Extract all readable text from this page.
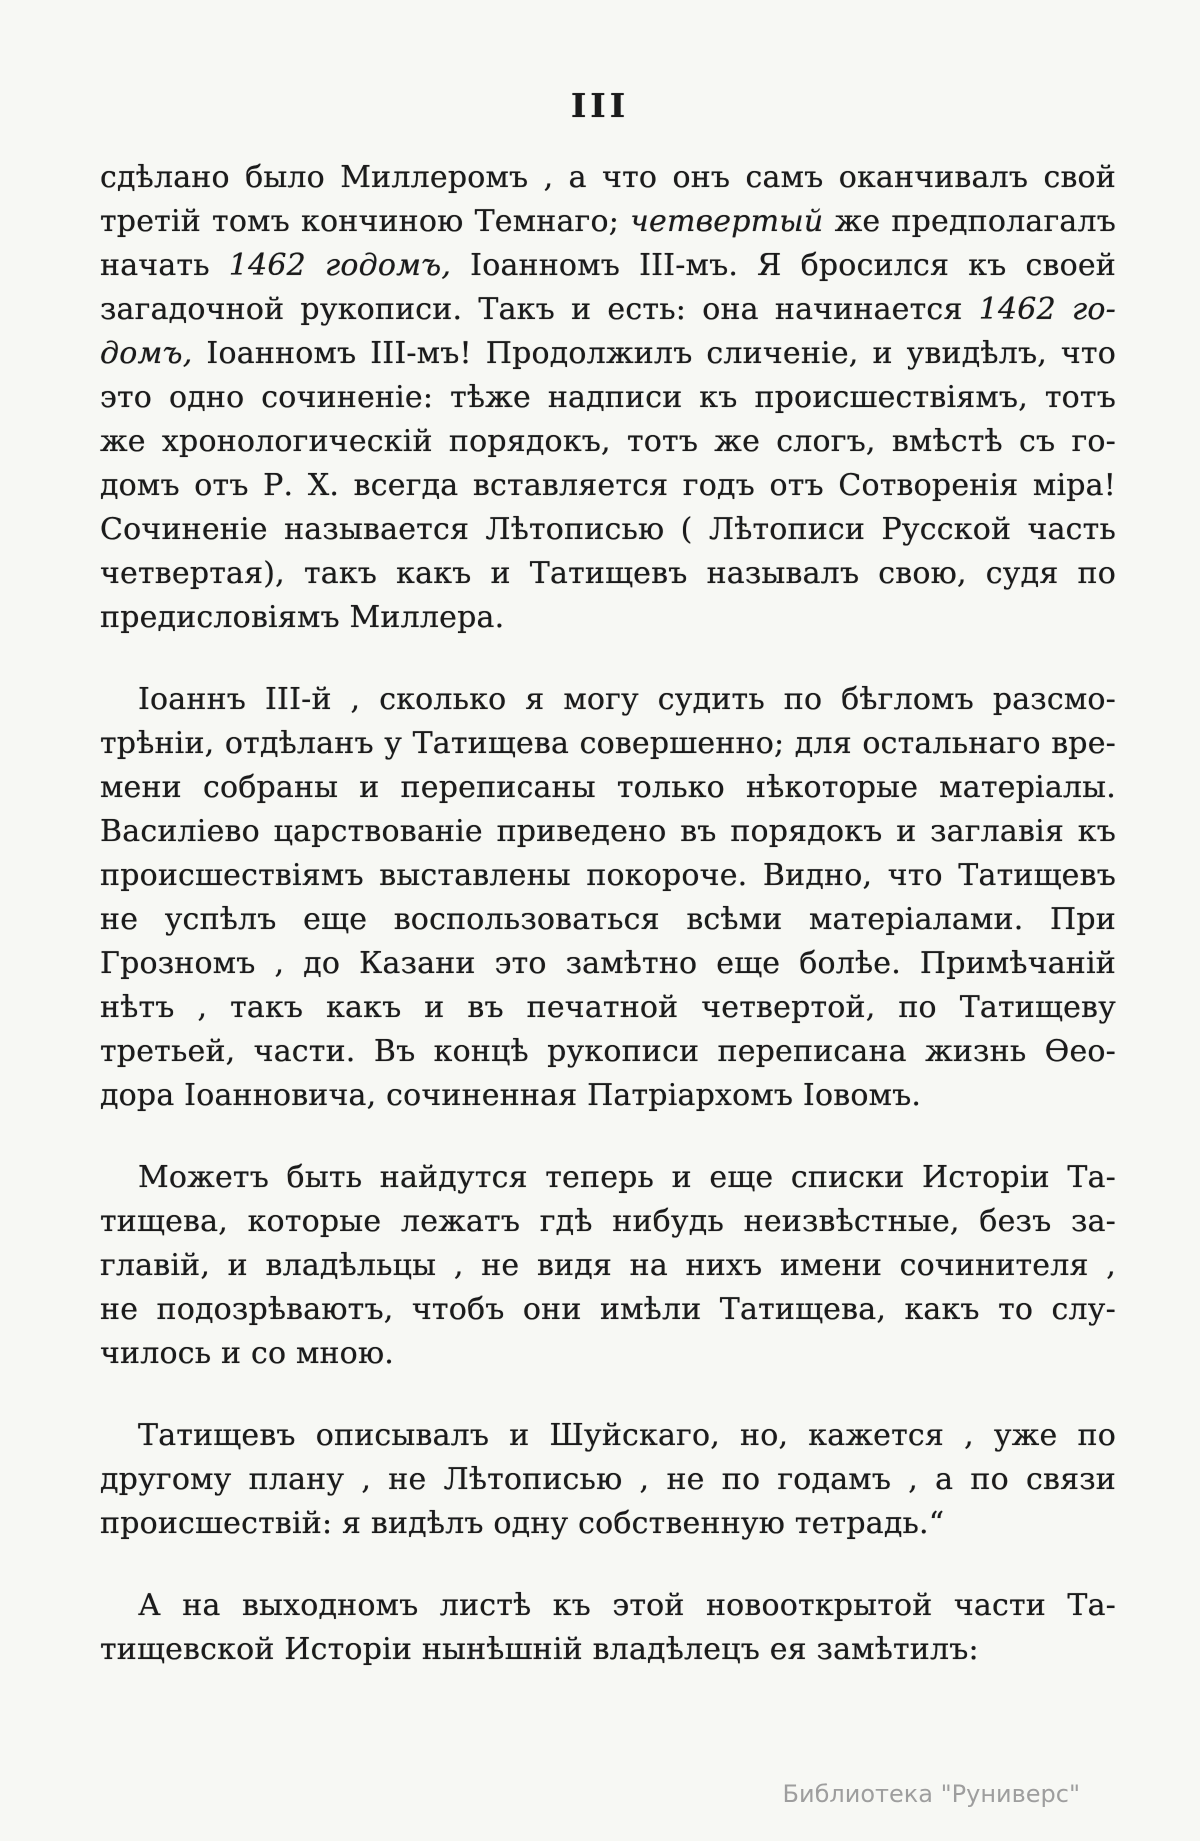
III
сдѣлано было Миллеромъ , а что онъ самъ оканчивалъ свой
третій томъ кончиною Темнаго; четвертый же предполагалъ
начать 1462 годомъ, Іоанномъ III-мъ. Я бросился къ своей
загадочной рукописи. Такъ и есть: она начинается 1462 го-
домъ, Іоанномъ III-мъ! Продолжилъ сличеніе, и увидѣлъ, что
это одно сочиненіе: тѣже надписи къ происшествіямъ, тотъ
же хронологическій порядокъ, тотъ же слогъ, вмѣстѣ съ го-
домъ отъ Р. Х. всегда вставляется годъ отъ Сотворенія міра!
Сочиненіе называется Лѣтописью ( Лѣтописи Русской часть
четвертая), такъ какъ и Татищевъ называлъ свою, судя по
предисловіямъ Миллера.
Іоаннъ III-й , сколько я могу судить по бѣгломъ разсмо-
трѣніи, отдѣланъ у Татищева совершенно; для остальнаго вре-
мени собраны и переписаны только нѣкоторые матеріалы.
Василіево царствованіе приведено въ порядокъ и заглавія къ
происшествіямъ выставлены покороче. Видно, что Татищевъ
не успѣлъ еще воспользоваться всѣми матеріалами. При
Грозномъ , до Казани это замѣтно еще болѣе. Примѣчаній
нѣтъ , такъ какъ и въ печатной четвертой, по Татищеву
третьей, части. Въ концѣ рукописи переписана жизнь Ѳео-
дора Іоанновича, сочиненная Патріархомъ Іовомъ.
Можетъ быть найдутся теперь и еще списки Исторіи Та-
тищева, которые лежатъ гдѣ нибудь неизвѣстные, безъ за-
главій, и владѣльцы , не видя на нихъ имени сочинителя ,
не подозрѣваютъ, чтобъ они имѣли Татищева, какъ то слу-
чилось и со мною.
Татищевъ описывалъ и Шуйскаго, но, кажется , уже по
другому плану , не Лѣтописью , не по годамъ , а по связи
происшествій: я видѣлъ одну собственную тетрадь.“
А на выходномъ листѣ къ этой новооткрытой части Та-
тищевской Исторіи нынѣшній владѣлецъ ея замѣтилъ:
Библиотека "Руниверс"
